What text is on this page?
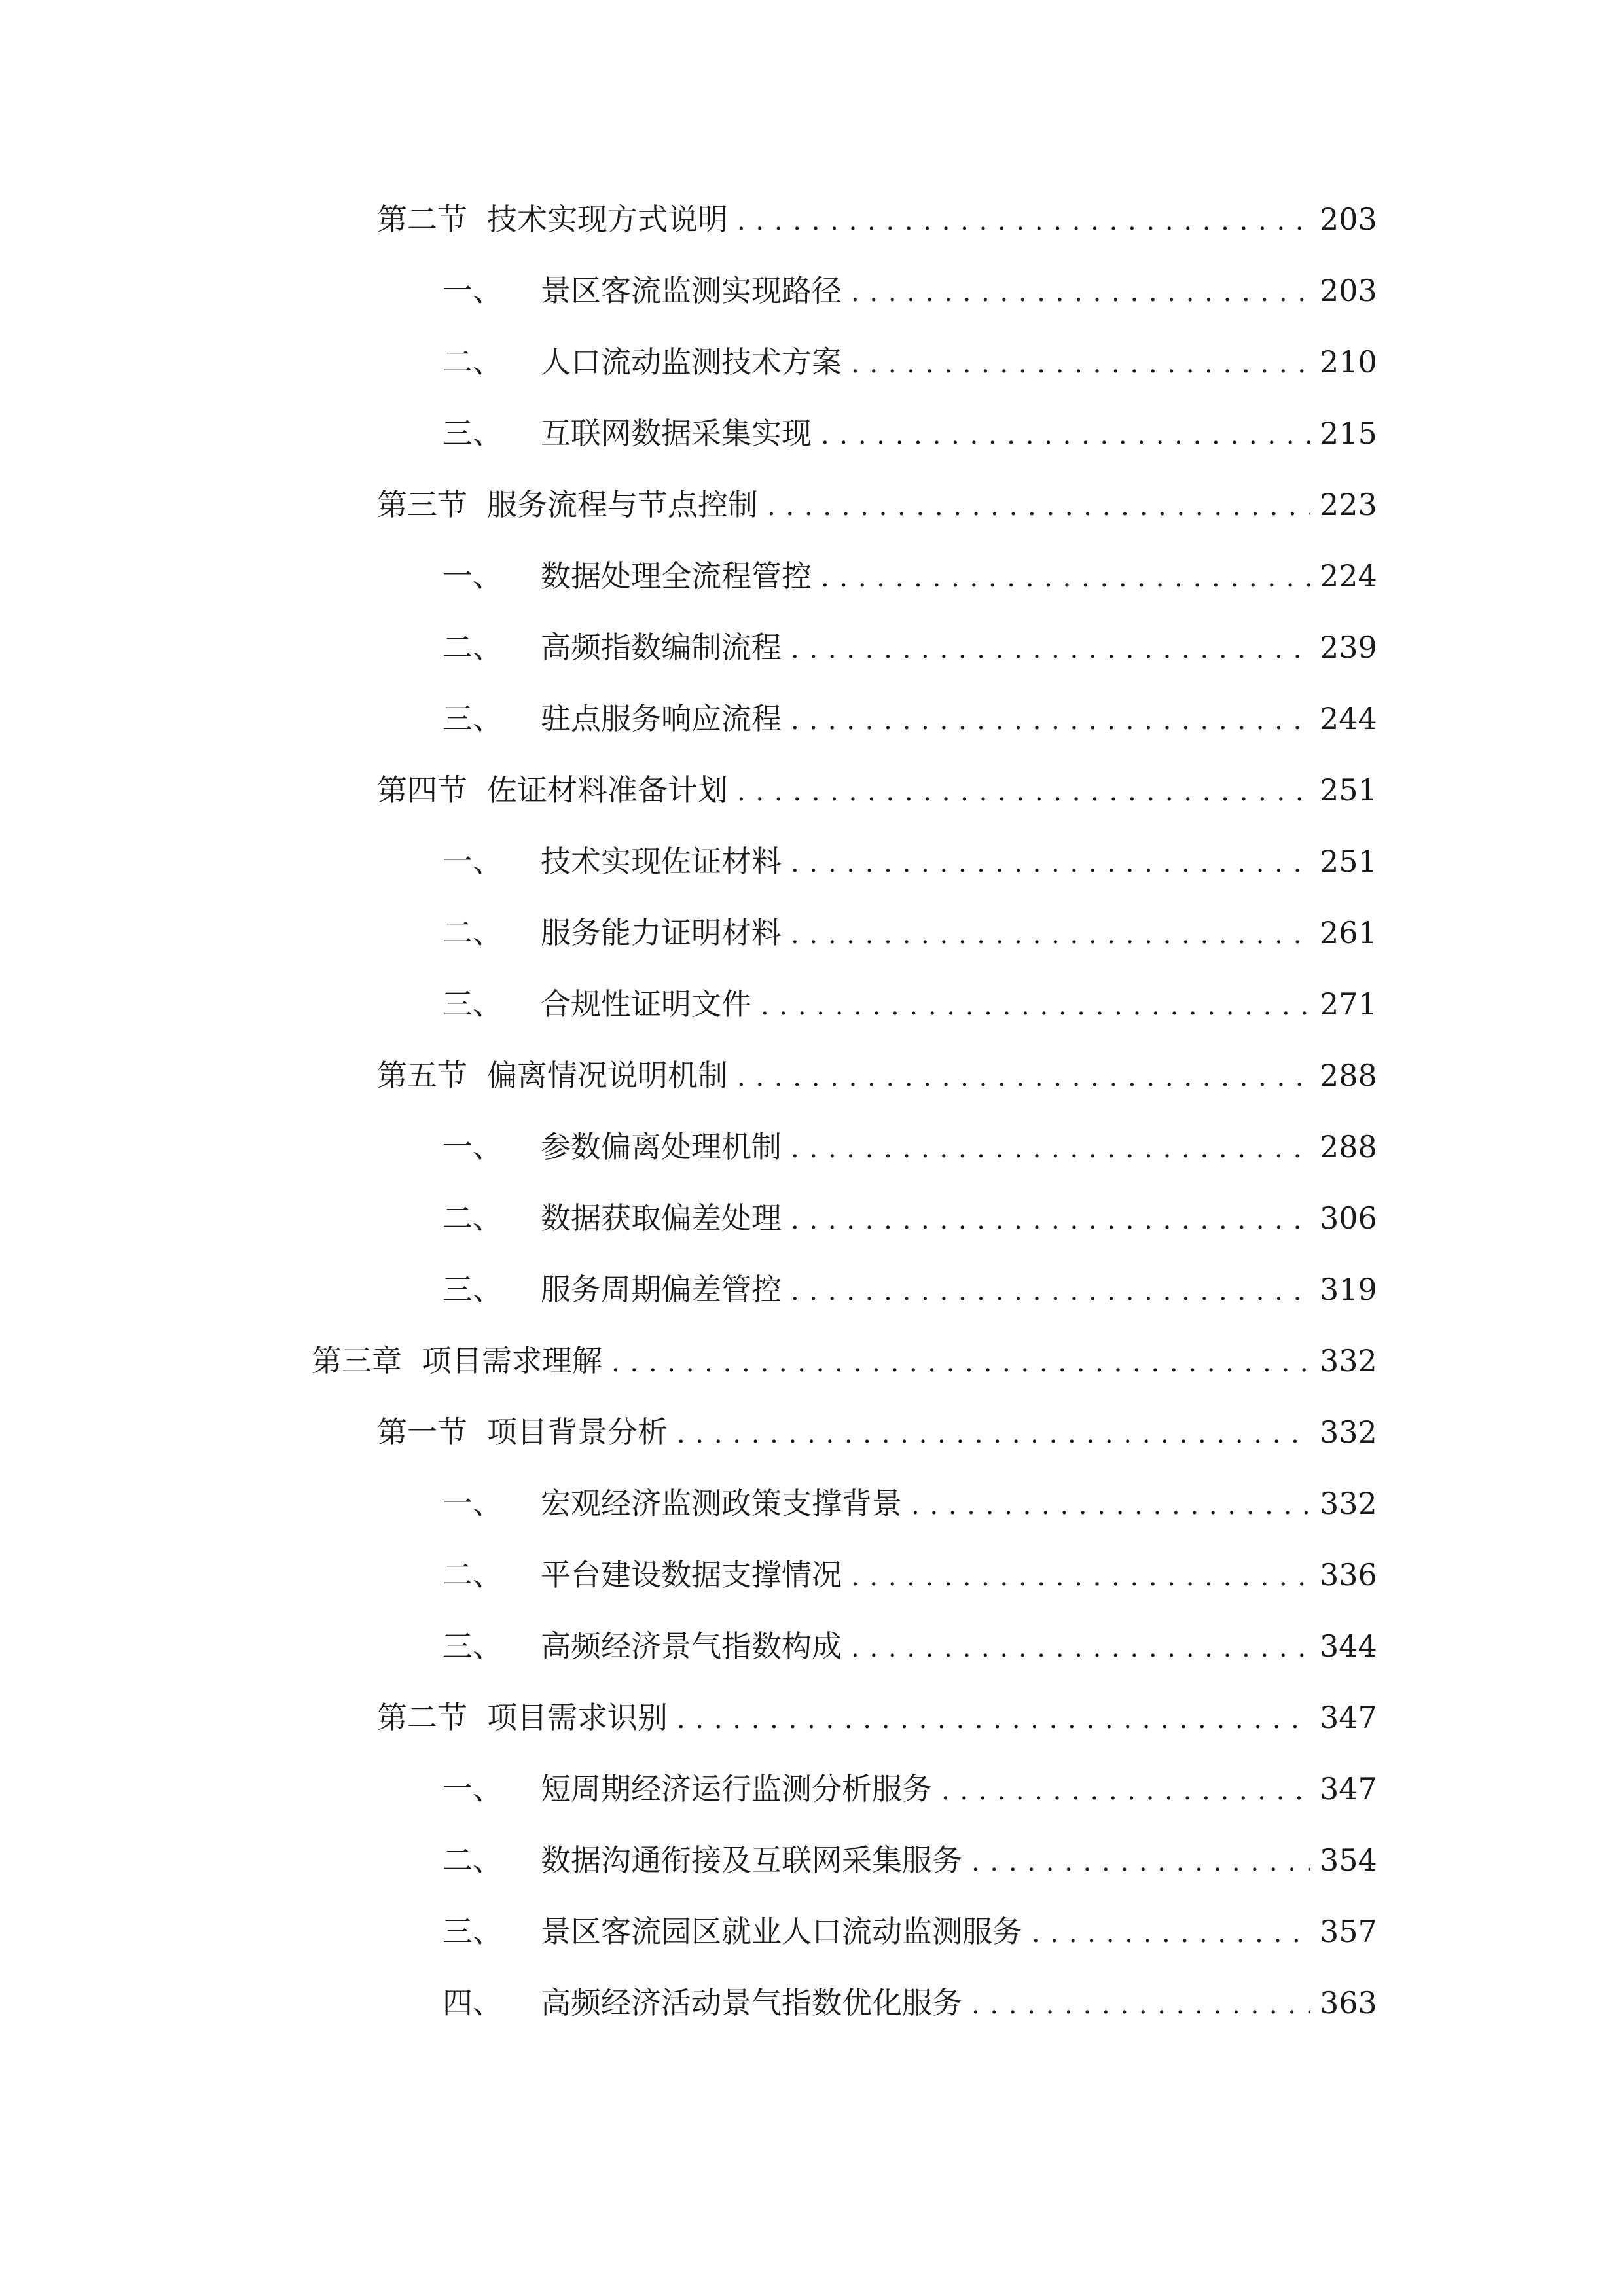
第二节 技术实现方式说明 . . .	203
一、 景区客流监测实现路径 . . .	203
二、 人口流动监测技术方案 . . .	210
三、 互联网数据采集实现 . . .	215
第三节 服务流程与节点控制 . . .	223
一、 数据处理全流程管控 . . .	224
二、 高频指数编制流程 . . .	239
三、 驻点服务响应流程 . . .	244
第四节 佐证材料准备计划 . . .	251
一、 技术实现佐证材料 . . .	251
二、 服务能力证明材料 . . .	261
三、 合规性证明文件 . . .	271
第五节 偏离情况说明机制 . . .	288
一、 参数偏离处理机制 . . .	288
二、 数据获取偏差处理 . . .	306
三、 服务周期偏差管控 . . .	319
第三章 项目需求理解 . . .	332
第一节 项目背景分析 . . .	332
一、 宏观经济监测政策支撑背景 . . .	332
二、 平台建设数据支撑情况 . . .	336
三、 高频经济景气指数构成 . . .	344
第二节 项目需求识别 . . .	347
一、 短周期经济运行监测分析服务 . . .	347
二、 数据沟通衔接及互联网采集服务 . . .	354
三、 景区客流园区就业人口流动监测服务 . . .	357
四、 高频经济活动景气指数优化服务 . . .	363
